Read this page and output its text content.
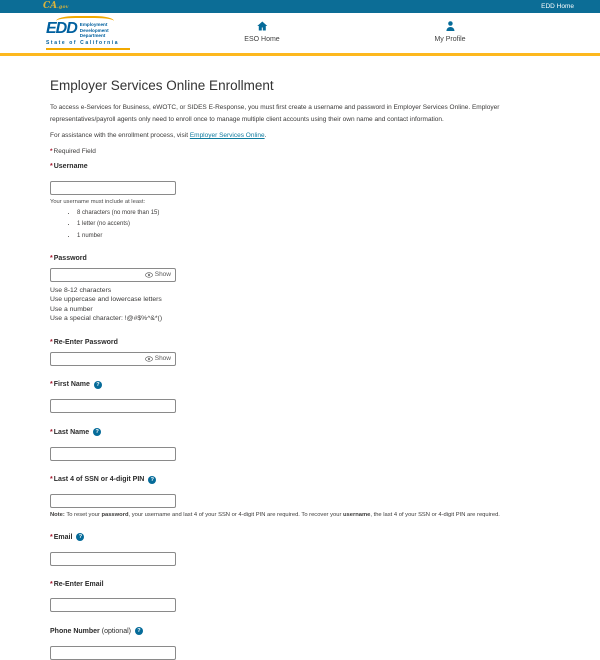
CA.gov	EDD Home
EDD Employment
Development
Department
State of California	ESO Home	My Profile
Employer Services Online Enrollment

To access e-Services for Business, eWOTC, or SIDES E-Response, you must first create a username and password in Employer Services Online. Employer representatives/payroll agents only need to enroll once to manage multiple client accounts using their own name and contact information.

For assistance with the enrollment process, visit Employer Services Online.

*Required Field

* Username
Your username must include at least:
• 8 characters (no more than 15)
• 1 letter (no accents)
• 1 number
* Password
Show
Use 8-12 characters
Use uppercase and lowercase letters
Use a number
Use a special character: !@#$%^&*()
* Re-Enter Password
Show
* First Name	?
* Last Name	?
* Last 4 of SSN or 4-digit PIN	?
Note: To reset your password, your username and last 4 of your SSN or 4-digit PIN are required. To recover your username, the last 4 of your SSN or 4-digit PIN are required.
* Email	?
* Re-Enter Email
Phone Number (optional)	?
